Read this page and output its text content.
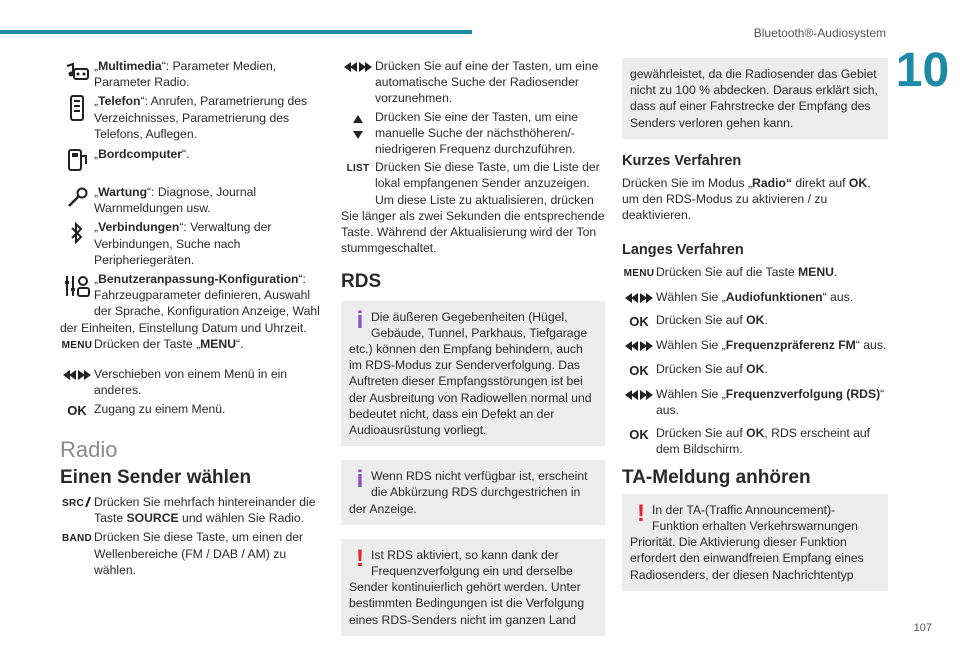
Bluetooth®-Audiosystem
10
„Multimedia“: Parameter Medien, Parameter Radio.
„Telefon“: Anrufen, Parametrierung des Verzeichnisses, Parametrierung des Telefons, Auflegen.
„Bordcomputer“.
„Wartung“: Diagnose, Journal Warnmeldungen usw.
„Verbindungen“: Verwaltung der Verbindungen, Suche nach Peripheriegeräten.
„Benutzeranpassung-Konfiguration“: Fahrzeugparameter definieren, Auswahl der Sprache, Konfiguration Anzeige, Wahl der Einheiten, Einstellung Datum und Uhrzeit.
MENU Drücken der Taste „MENU“.
Verschieben von einem Menü in ein anderes.
OK Zugang zu einem Menü.
Radio
Einen Sender wählen
SRC Drücken Sie mehrfach hintereinander die Taste SOURCE und wählen Sie Radio.
BAND Drücken Sie diese Taste, um einen der Wellenbereiche (FM / DAB / AM) zu wählen.
Drücken Sie auf eine der Tasten, um eine automatische Suche der Radiosender vorzunehmen.
Drücken Sie eine der Tasten, um eine manuelle Suche der nächsthöheren/-niedrigeren Frequenz durchzuführen.
LIST Drücken Sie diese Taste, um die Liste der lokal empfangenen Sender anzuzeigen. Um diese Liste zu aktualisieren, drücken Sie länger als zwei Sekunden die entsprechende Taste. Während der Aktualisierung wird der Ton stummgeschaltet.
RDS
i Die äußeren Gegebenheiten (Hügel, Gebäude, Tunnel, Parkhaus, Tiefgarage etc.) können den Empfang behindern, auch im RDS-Modus zur Senderverfolgung. Das Auftreten dieser Empfangsstörungen ist bei der Ausbreitung von Radiowellen normal und bedeutet nicht, dass ein Defekt an der Audioausrüstung vorliegt.
i Wenn RDS nicht verfügbar ist, erscheint die Abkürzung RDS durchgestrichen in der Anzeige.
! Ist RDS aktiviert, so kann dank der Frequenzverfolgung ein und derselbe Sender kontinuierlich gehört werden. Unter bestimmten Bedingungen ist die Verfolgung eines RDS-Senders nicht im ganzen Land
gewährleistet, da die Radiosender das Gebiet nicht zu 100 % abdecken. Daraus erklärt sich, dass auf einer Fahrstrecke der Empfang des Senders verloren gehen kann.
Kurzes Verfahren
Drücken Sie im Modus „Radio“ direkt auf OK, um den RDS-Modus zu aktivieren / zu deaktivieren.
Langes Verfahren
MENU Drücken Sie auf die Taste MENU.
Wählen Sie „Audiofunktionen“ aus.
OK Drücken Sie auf OK.
Wählen Sie „Frequenzpräferenz FM“ aus.
OK Drücken Sie auf OK.
Wählen Sie „Frequenzverfolgung (RDS)“ aus.
OK Drücken Sie auf OK, RDS erscheint auf dem Bildschirm.
TA-Meldung anhören
! In der TA-(Traffic Announcement)-Funktion erhalten Verkehrswarnungen Priorität. Die Aktivierung dieser Funktion erfordert den einwandfreien Empfang eines Radiosenders, der diesen Nachrichtentyp
107
